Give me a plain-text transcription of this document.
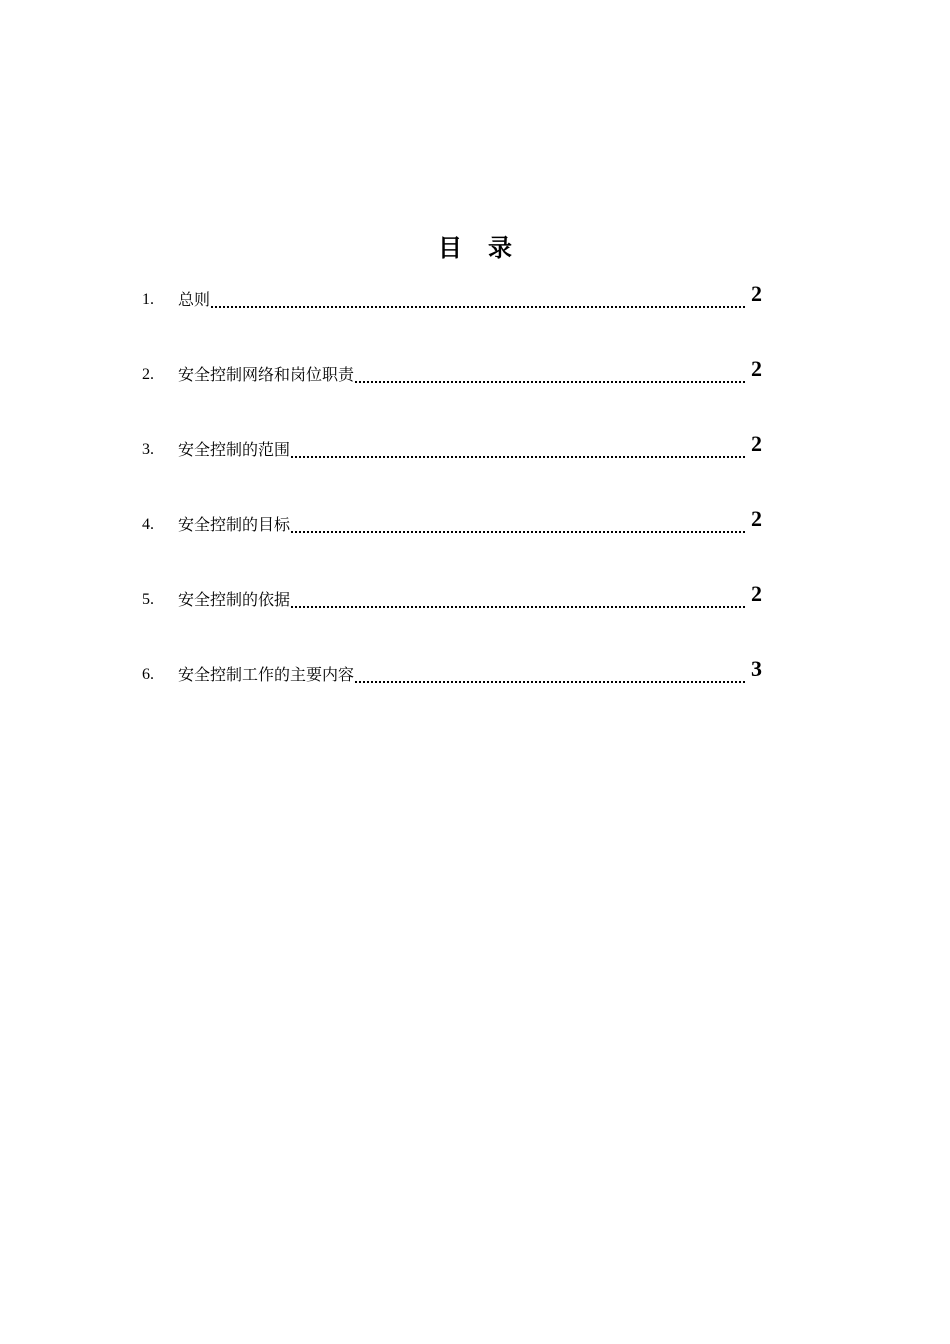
目录
1.	总则	2
2.	安全控制网络和岗位职责	2
3.	安全控制的范围	2
4.	安全控制的目标	2
5.	安全控制的依据	2
6.	安全控制工作的主要内容	3
